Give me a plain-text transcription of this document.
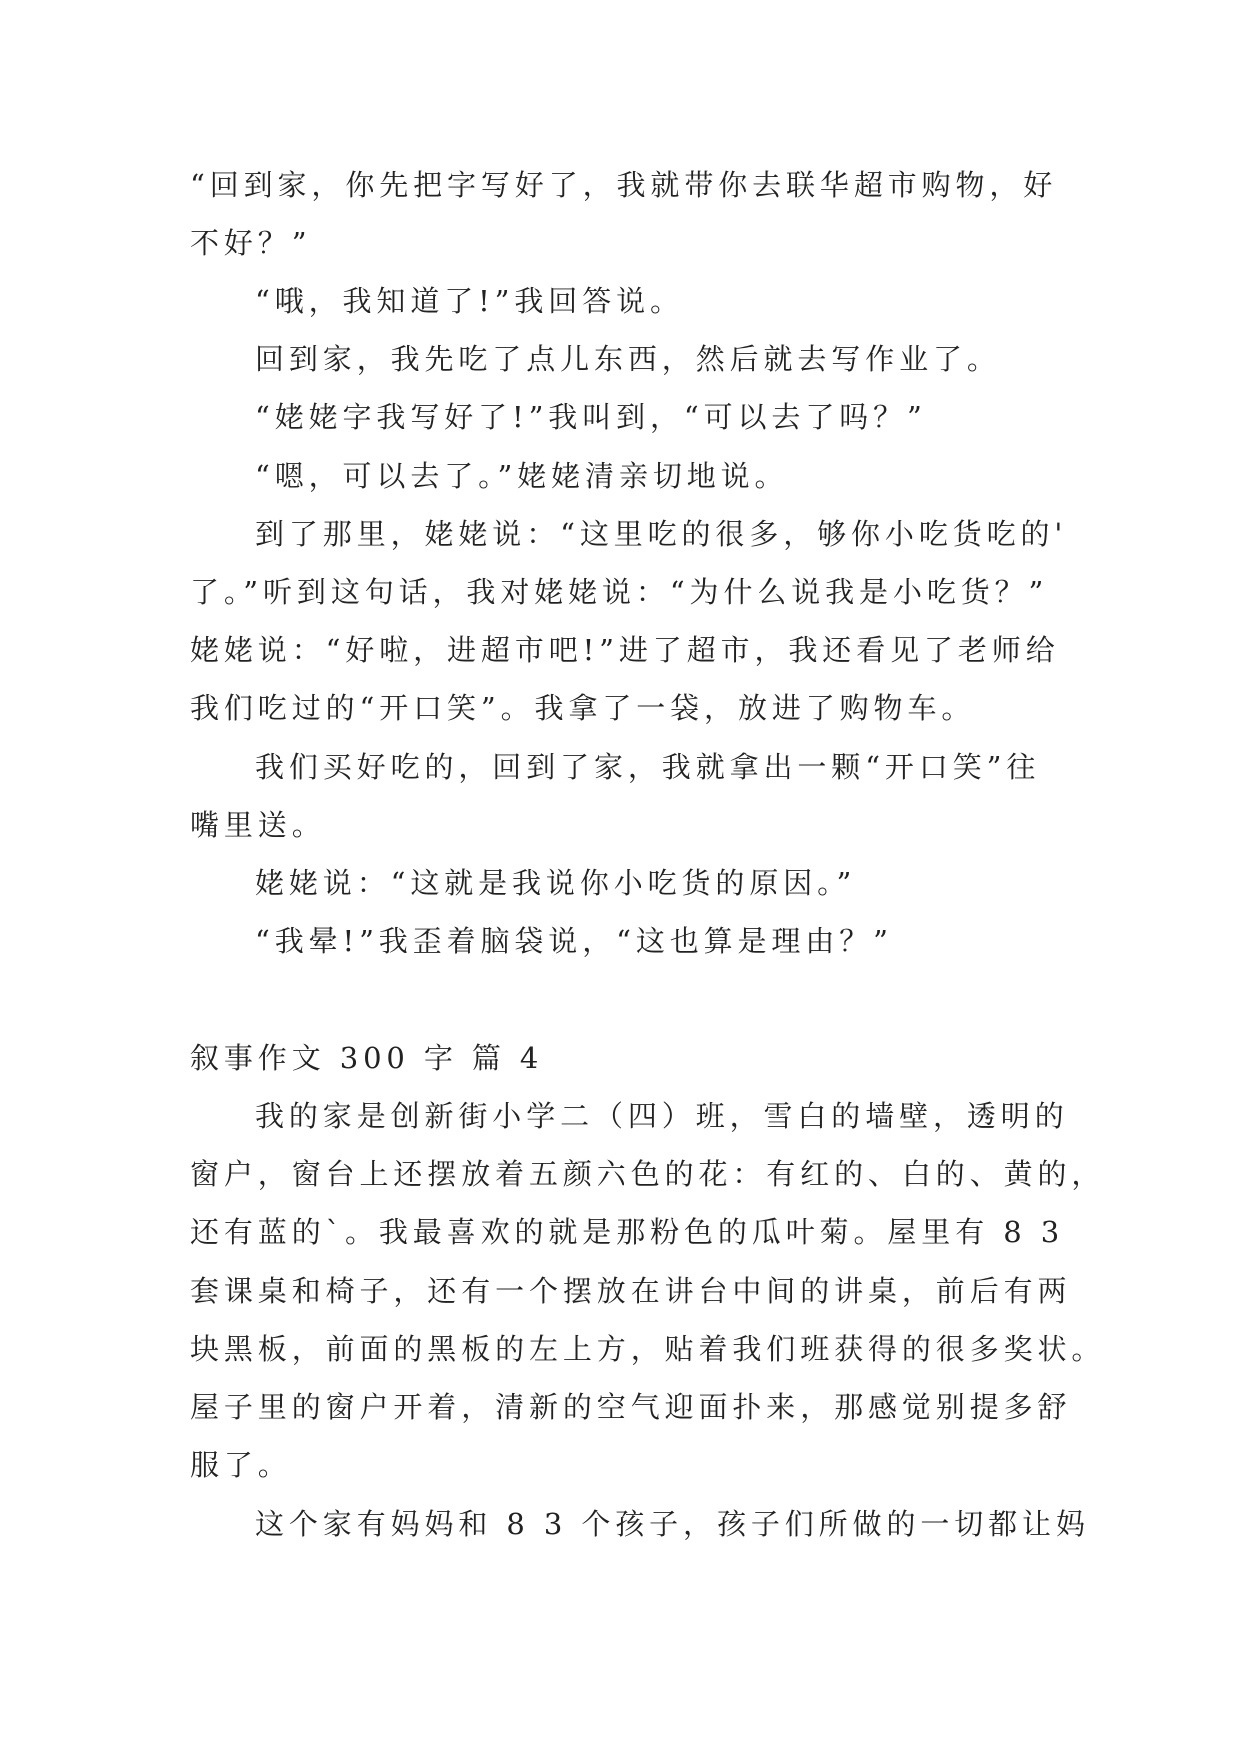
“回到家，你先把字写好了，我就带你去联华超市购物，好
不好？”
“哦，我知道了!”我回答说。
回到家，我先吃了点儿东西，然后就去写作业了。
“姥姥字我写好了!”我叫到，“可以去了吗？”
“嗯，可以去了。”姥姥清亲切地说。
到了那里，姥姥说：“这里吃的很多，够你小吃货吃的'
了。”听到这句话，我对姥姥说：“为什么说我是小吃货？”
姥姥说：“好啦，进超市吧!”进了超市，我还看见了老师给
我们吃过的“开口笑”。我拿了一袋，放进了购物车。
我们买好吃的，回到了家，我就拿出一颗“开口笑”往
嘴里送。
姥姥说：“这就是我说你小吃货的原因。”
“我晕!”我歪着脑袋说，“这也算是理由？”
叙事作文 300 字 篇 4
我的家是创新街小学二（四）班，雪白的墙壁，透明的
窗户，窗台上还摆放着五颜六色的花：有红的、白的、黄的，
还有蓝的`。我最喜欢的就是那粉色的瓜叶菊。屋里有 8 3
套课桌和椅子，还有一个摆放在讲台中间的讲桌，前后有两
块黑板，前面的黑板的左上方，贴着我们班获得的很多奖状。
屋子里的窗户开着，清新的空气迎面扑来，那感觉别提多舒
服了。
这个家有妈妈和 8 3 个孩子，孩子们所做的一切都让妈
